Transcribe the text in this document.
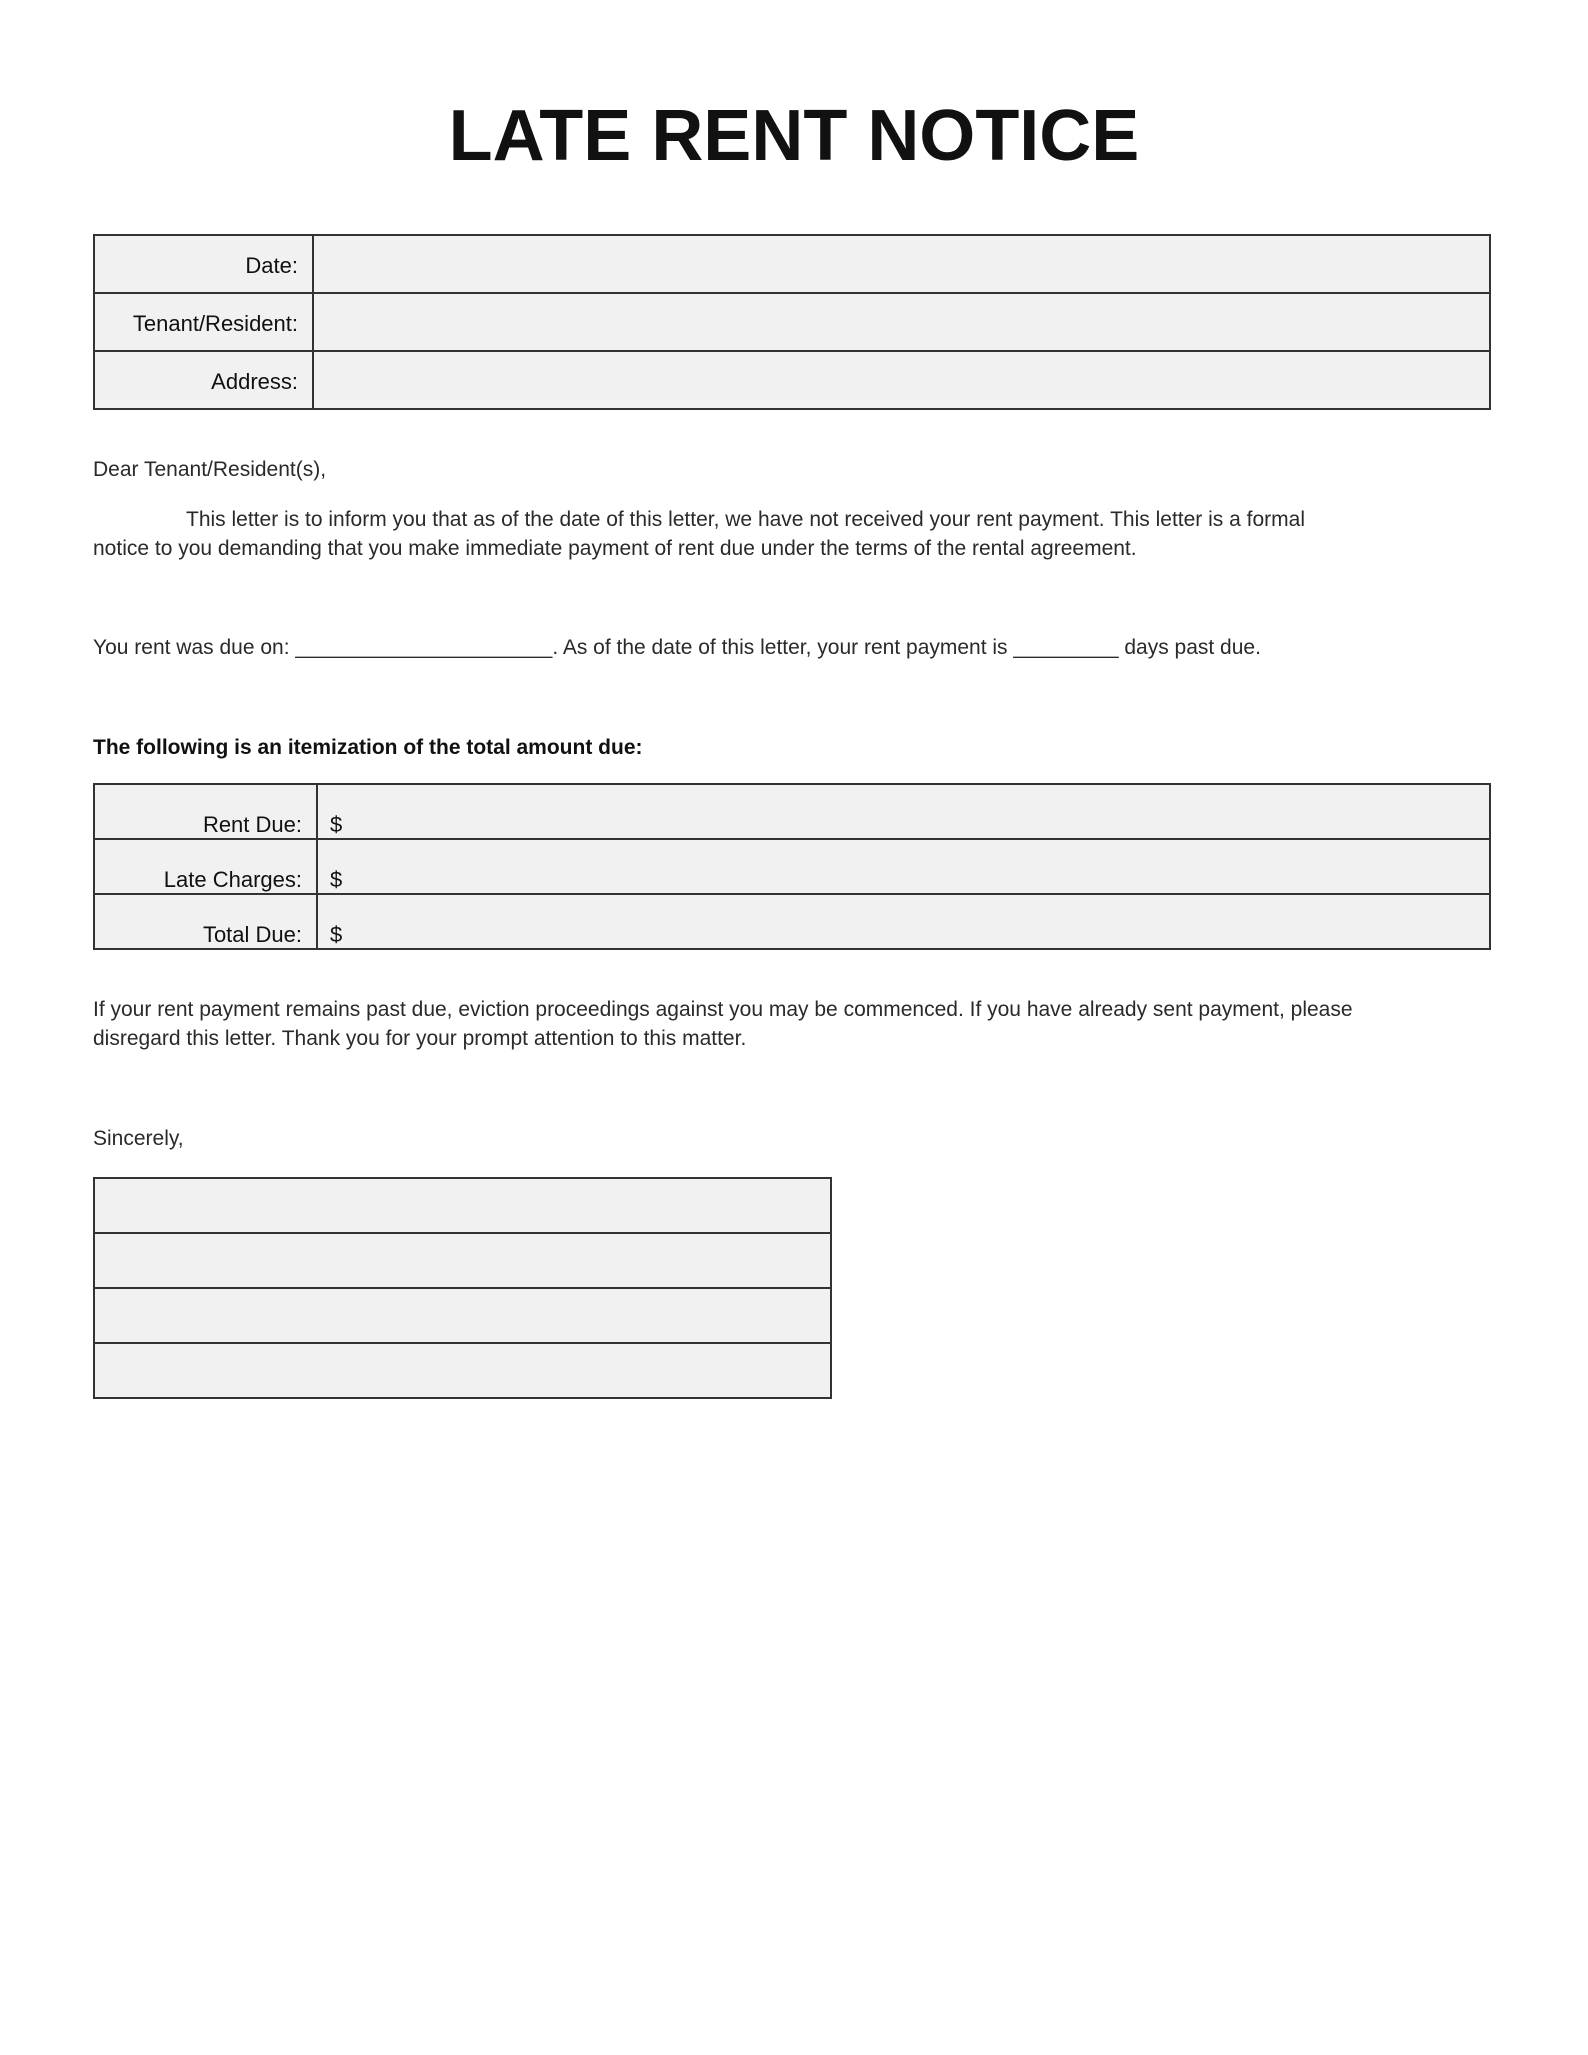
LATE RENT NOTICE
Date:	
Tenant/Resident:	
Address:	
Dear Tenant/Resident(s),
This letter is to inform you that as of the date of this letter, we have not received your rent payment. This letter is a formal
notice to you demanding that you make immediate payment of rent due under the terms of the rental agreement.
You rent was due on: ______________________. As of the date of this letter, your rent payment is _________ days past due.
The following is an itemization of the total amount due:
Rent Due:	$
Late Charges:	$
Total Due:	$
If your rent payment remains past due, eviction proceedings against you may be commenced. If you have already sent payment, please
disregard this letter. Thank you for your prompt attention to this matter.
Sincerely,
